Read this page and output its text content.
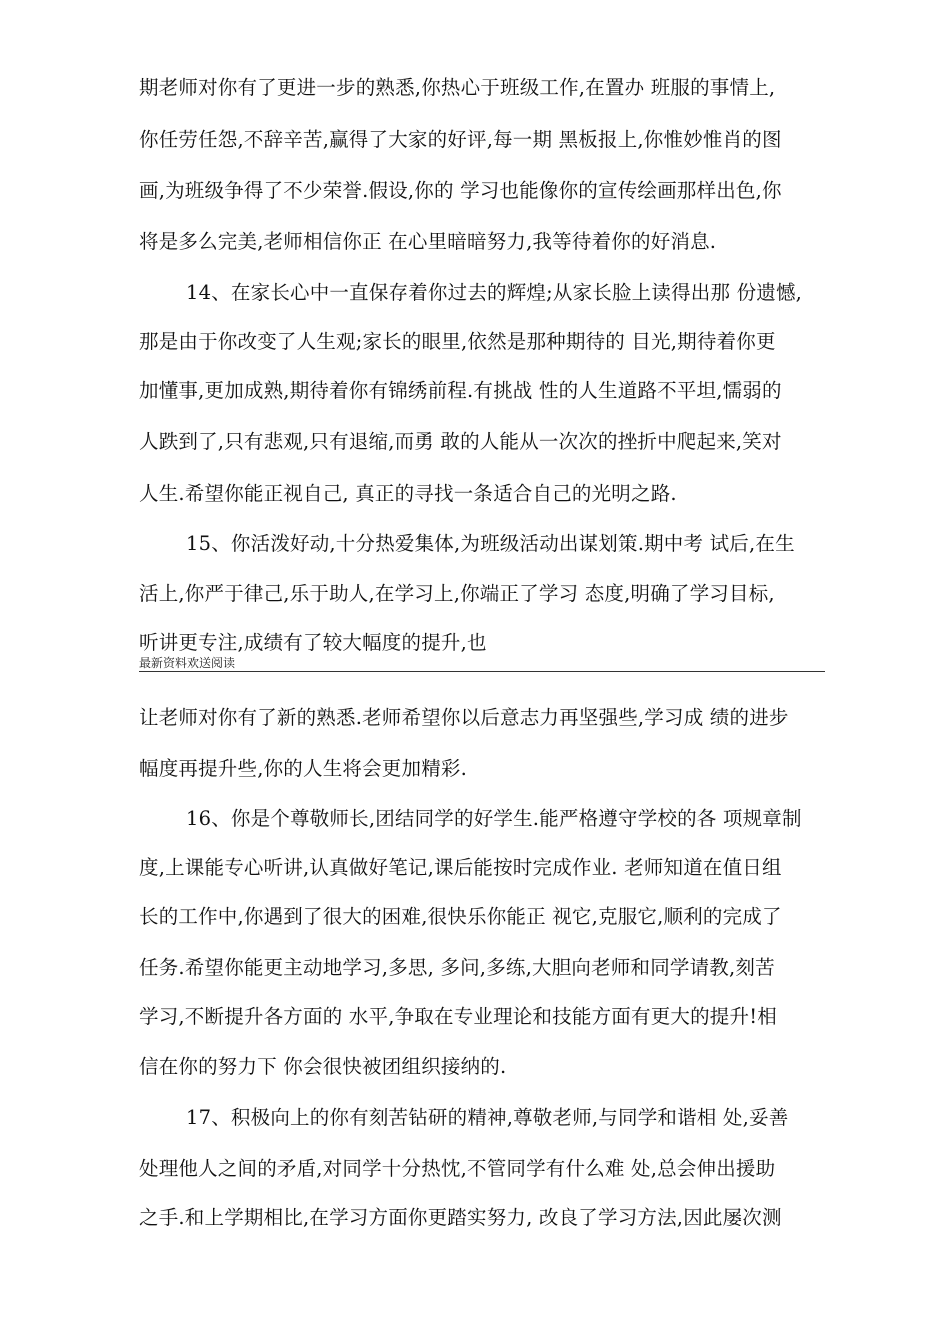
期老师对你有了更进一步的熟悉,你热心于班级工作,在置办 班服的事情上,
你任劳任怨,不辞辛苦,赢得了大家的好评,每一期 黑板报上,你惟妙惟肖的图
画,为班级争得了不少荣誉.假设,你的 学习也能像你的宣传绘画那样出色,你
将是多么完美,老师相信你正 在心里暗暗努力,我等待着你的好消息.
14、在家长心中一直保存着你过去的辉煌;从家长脸上读得出那 份遗憾,
那是由于你改变了人生观;家长的眼里,依然是那种期待的 目光,期待着你更
加懂事,更加成熟,期待着你有锦绣前程.有挑战 性的人生道路不平坦,懦弱的
人跌到了,只有悲观,只有退缩,而勇 敢的人能从一次次的挫折中爬起来,笑对
人生.希望你能正视自己, 真正的寻找一条适合自己的光明之路.
15、你活泼好动,十分热爱集体,为班级活动出谋划策.期中考 试后,在生
活上,你严于律己,乐于助人,在学习上,你端正了学习 态度,明确了学习目标,
听讲更专注,成绩有了较大幅度的提升,也
最新资料欢送阅读
让老师对你有了新的熟悉.老师希望你以后意志力再坚强些,学习成 绩的进步
幅度再提升些,你的人生将会更加精彩.
16、你是个尊敬师长,团结同学的好学生.能严格遵守学校的各 项规章制
度,上课能专心听讲,认真做好笔记,课后能按时完成作业. 老师知道在值日组
长的工作中,你遇到了很大的困难,很快乐你能正 视它,克服它,顺利的完成了
任务.希望你能更主动地学习,多思, 多问,多练,大胆向老师和同学请教,刻苦
学习,不断提升各方面的 水平,争取在专业理论和技能方面有更大的提升!相
信在你的努力下 你会很快被团组织接纳的.
17、积极向上的你有刻苦钻研的精神,尊敬老师,与同学和谐相 处,妥善
处理他人之间的矛盾,对同学十分热忱,不管同学有什么难 处,总会伸出援助
之手.和上学期相比,在学习方面你更踏实努力, 改良了学习方法,因此屡次测
